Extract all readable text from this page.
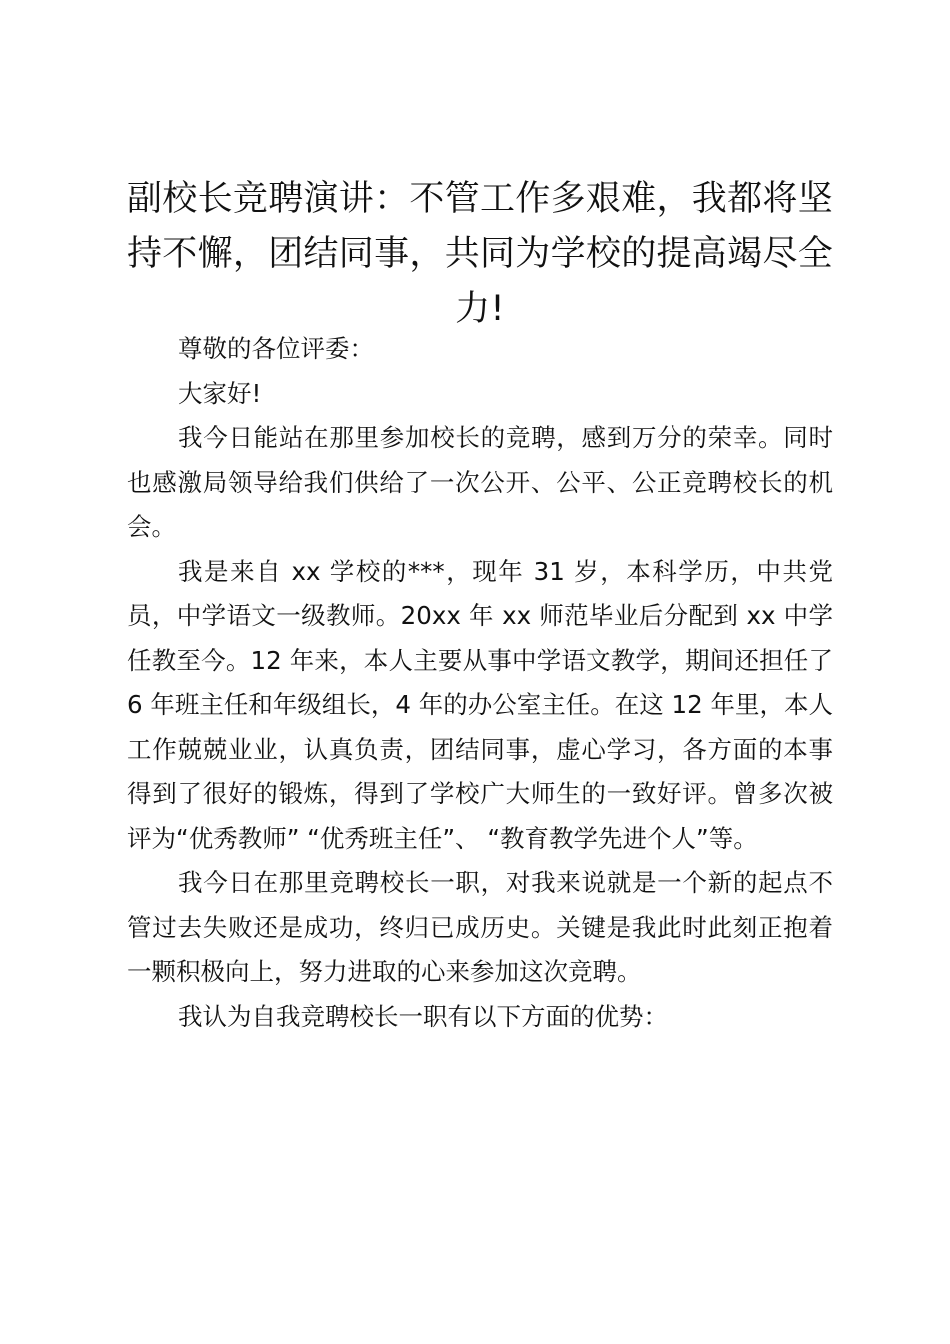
副校长竞聘演讲：不管工作多艰难，我都将坚持不懈，团结同事，共同为学校的提高竭尽全力!

尊敬的各位评委：

大家好!

我今日能站在那里参加校长的竞聘，感到万分的荣幸。同时也感激局领导给我们供给了一次公开、公平、公正竞聘校长的机会。

我是来自 xx 学校的***，现年 31 岁，本科学历，中共党员，中学语文一级教师。20xx 年 xx 师范毕业后分配到 xx 中学任教至今。12 年来，本人主要从事中学语文教学，期间还担任了 6 年班主任和年级组长，4 年的办公室主任。在这 12 年里，本人工作兢兢业业，认真负责，团结同事，虚心学习，各方面的本事得到了很好的锻炼，得到了学校广大师生的一致好评。曾多次被评为“优秀教师” “优秀班主任”、 “教育教学先进个人”等。

我今日在那里竞聘校长一职，对我来说就是一个新的起点不管过去失败还是成功，终归已成历史。关键是我此时此刻正抱着一颗积极向上，努力进取的心来参加这次竞聘。

我认为自我竞聘校长一职有以下方面的优势：
